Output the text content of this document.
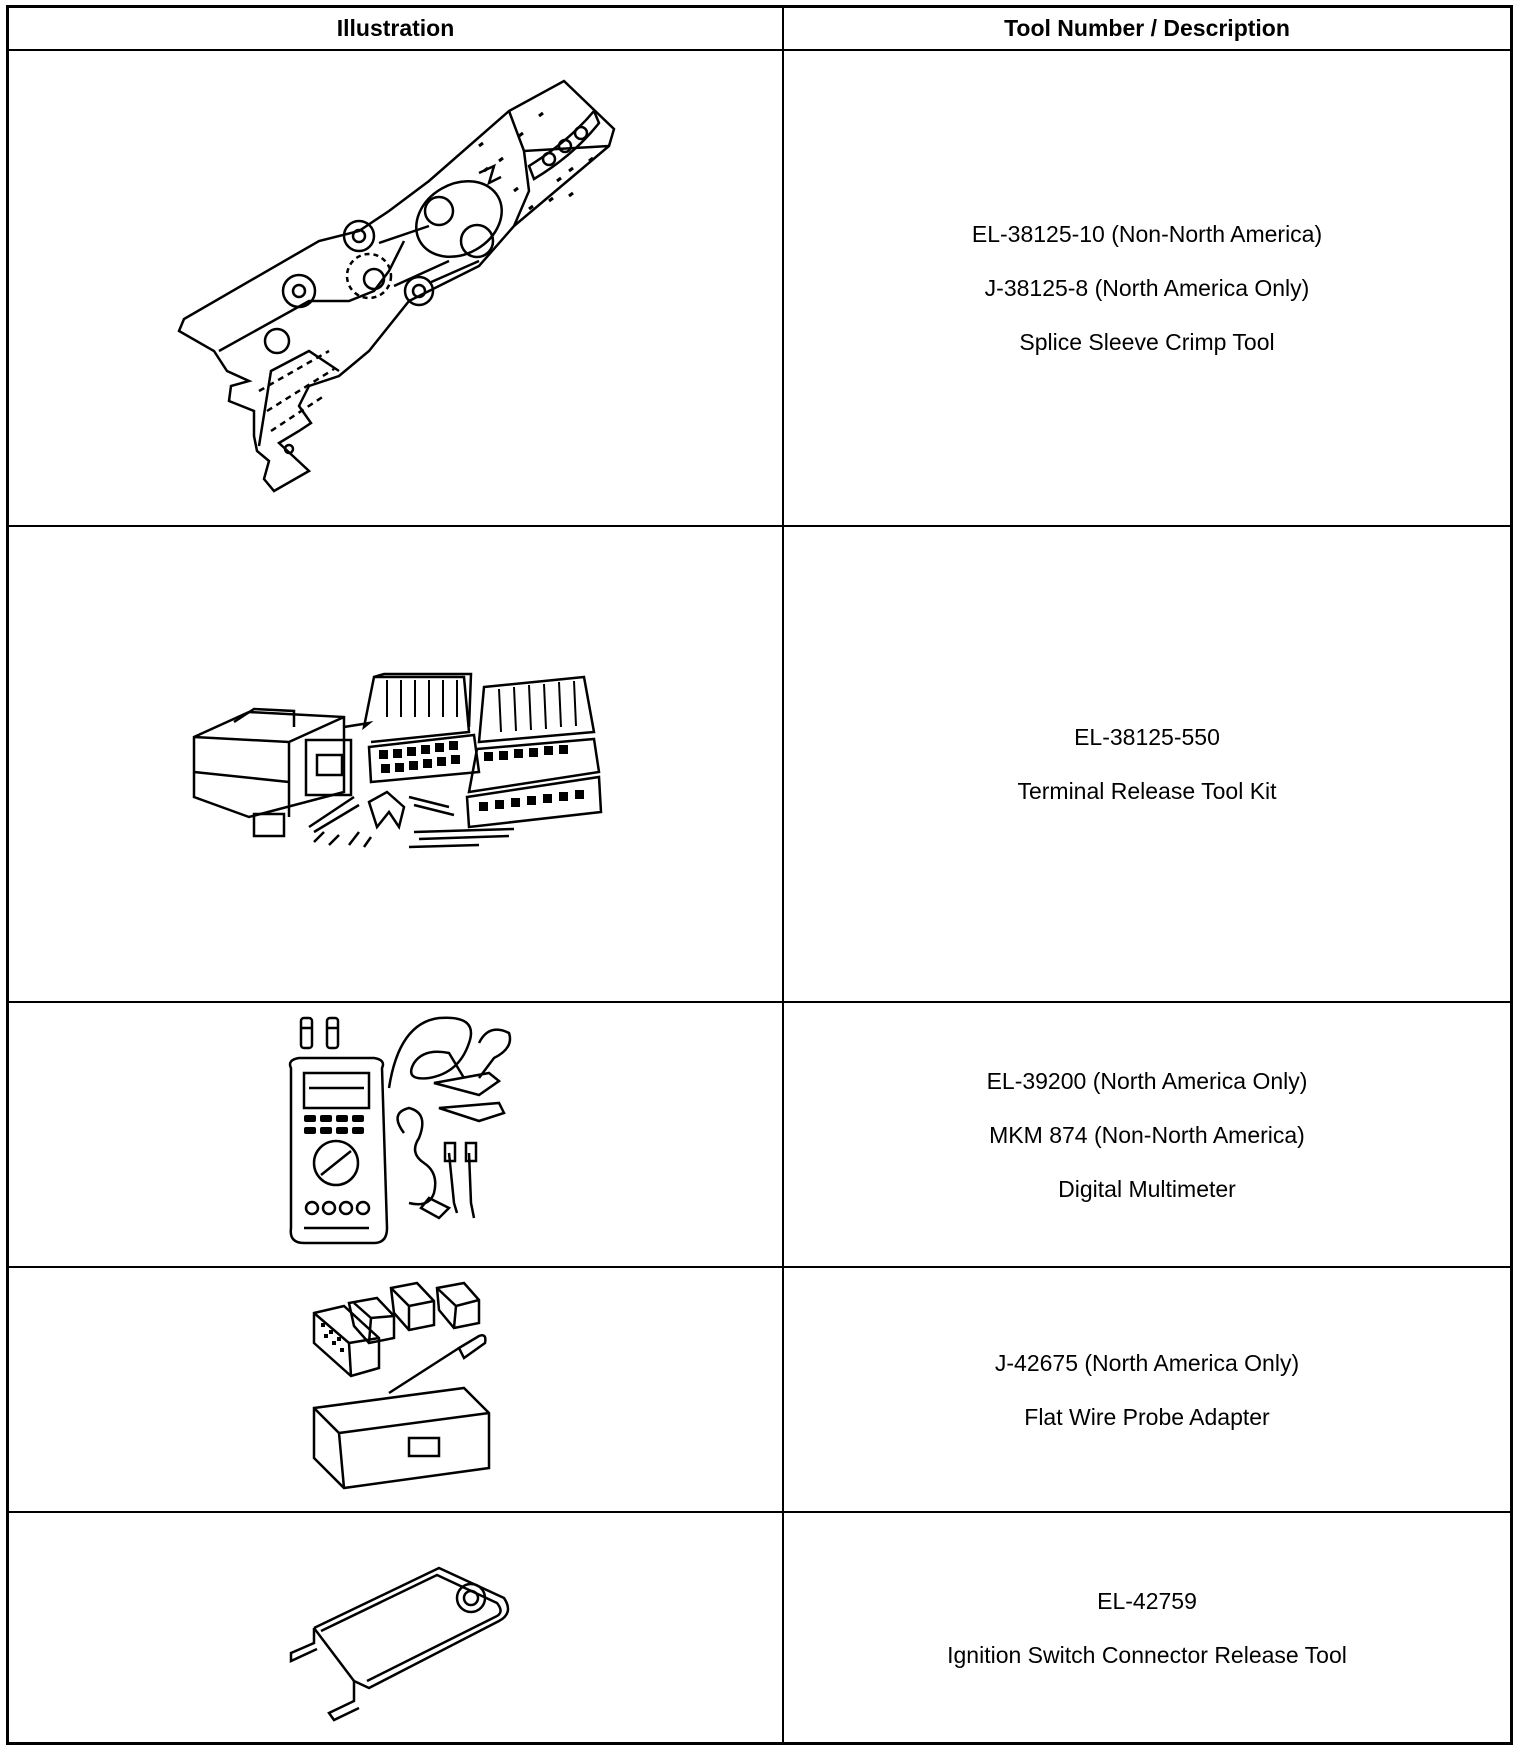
Illustration	Tool Number / Description
EL-38125-10 (Non-North America)
J-38125-8 (North America Only)
Splice Sleeve Crimp Tool
EL-38125-550
Terminal Release Tool Kit
EL-39200 (North America Only)
MKM 874 (Non-North America)
Digital Multimeter
J-42675 (North America Only)
Flat Wire Probe Adapter
EL-42759
Ignition Switch Connector Release Tool
